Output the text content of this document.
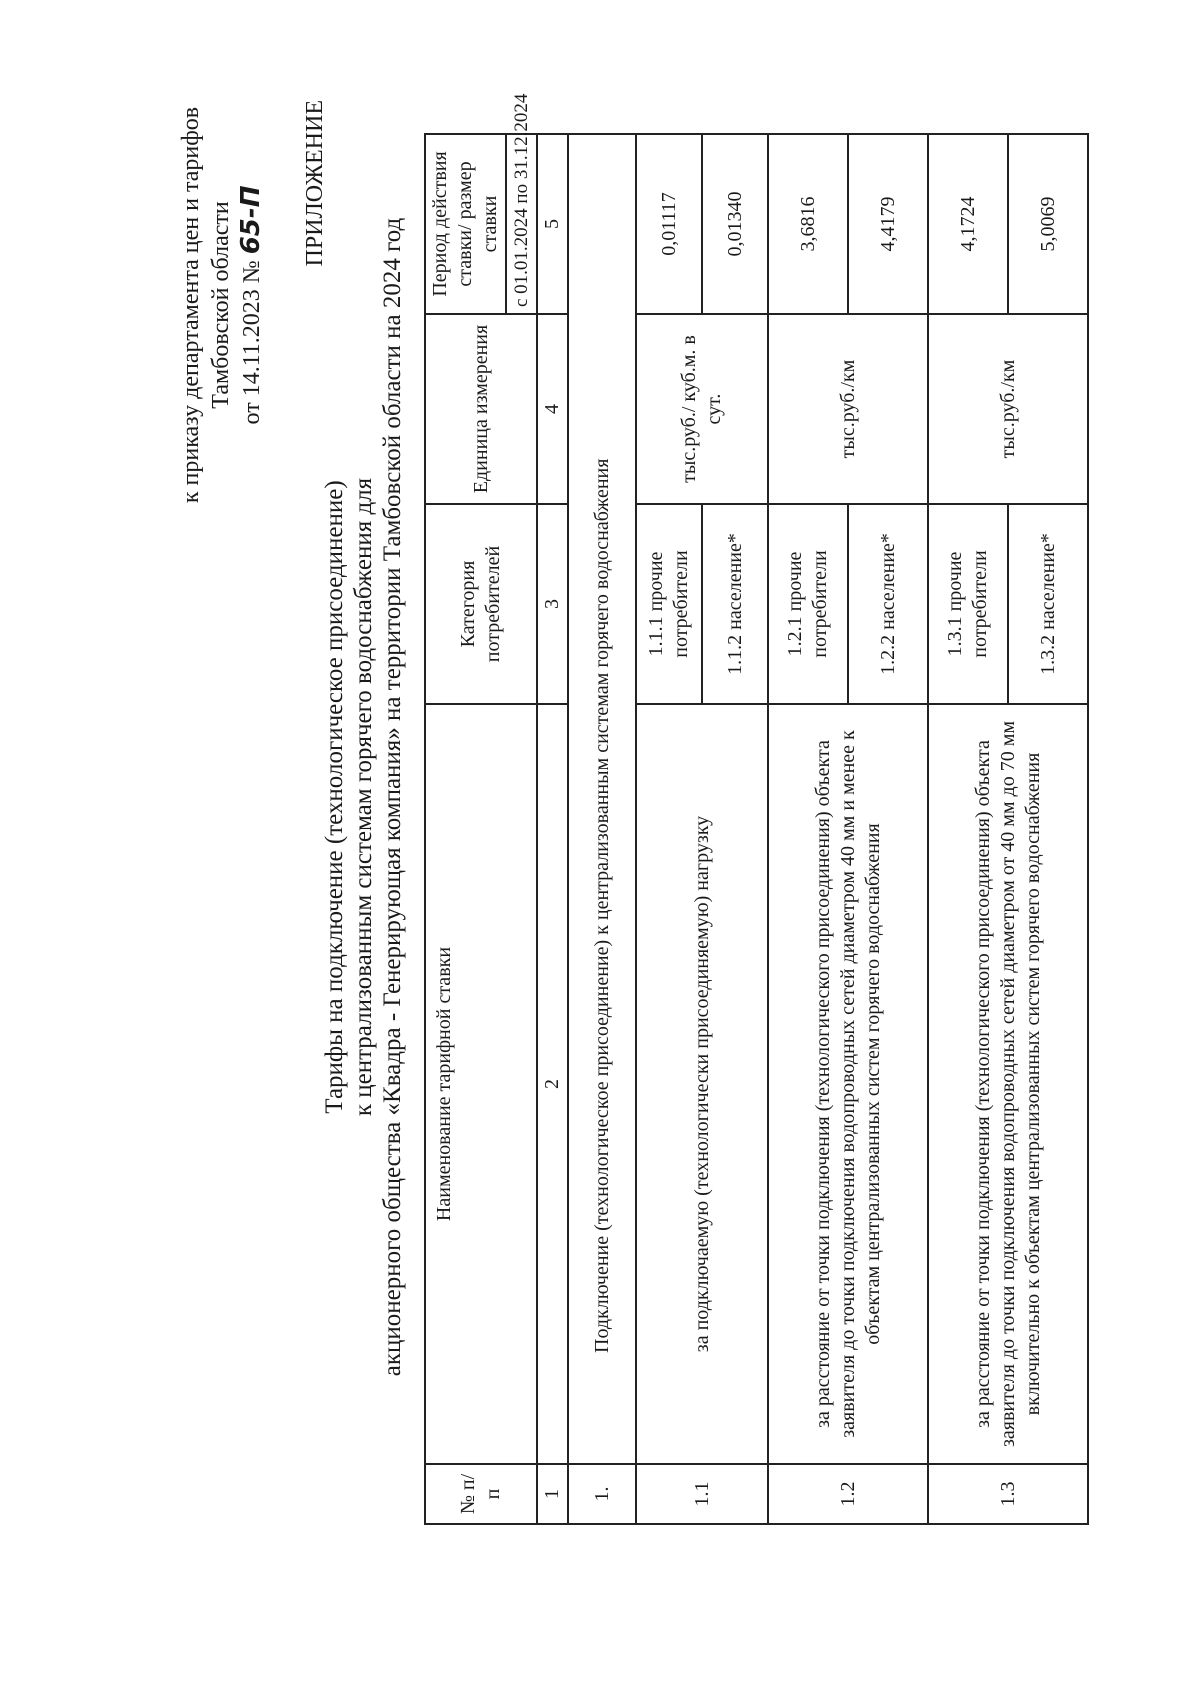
ПРИЛОЖЕНИЕ
к приказу департамента цен и тарифов Тамбовской области от 14.11.2023 № 65-П
Тарифы на подключение (технологическое присоединение) к централизованным системам горячего водоснабжения для акционерного общества «Квадра - Генерирующая компания» на территории Тамбовской области на 2024 год
№ п/п	Наименование тарифной ставки	Категория потребителей	Единица измерения	Период действия ставки/ размер ставки
				с 01.01.2024 по 31.12.2024
1	2	3	4	5
1.	Подключение (технологическое присоединение) к централизованным системам горячего водоснабжения			
1.1	за подключаемую (технологически присоединяемую) нагрузку	1.1.1 прочие потребители	тыс.руб./ куб.м. в сут.	0,01117
		1.1.2 население*		0,01340
1.2	за расстояние от точки подключения (технологического присоединения) объекта заявителя до точки подключения водопроводных сетей диаметром 40 мм и менее к объектам централизованных систем горячего водоснабжения	1.2.1 прочие потребители	тыс.руб./км	3,6816
		1.2.2 население*		4,4179
1.3	за расстояние от точки подключения (технологического присоединения) объекта заявителя до точки подключения водопроводных сетей диаметром от 40 мм до 70 мм включительно к объектам централизованных систем горячего водоснабжения	1.3.1 прочие потребители	тыс.руб./км	4,1724
		1.3.2 население*		5,0069
